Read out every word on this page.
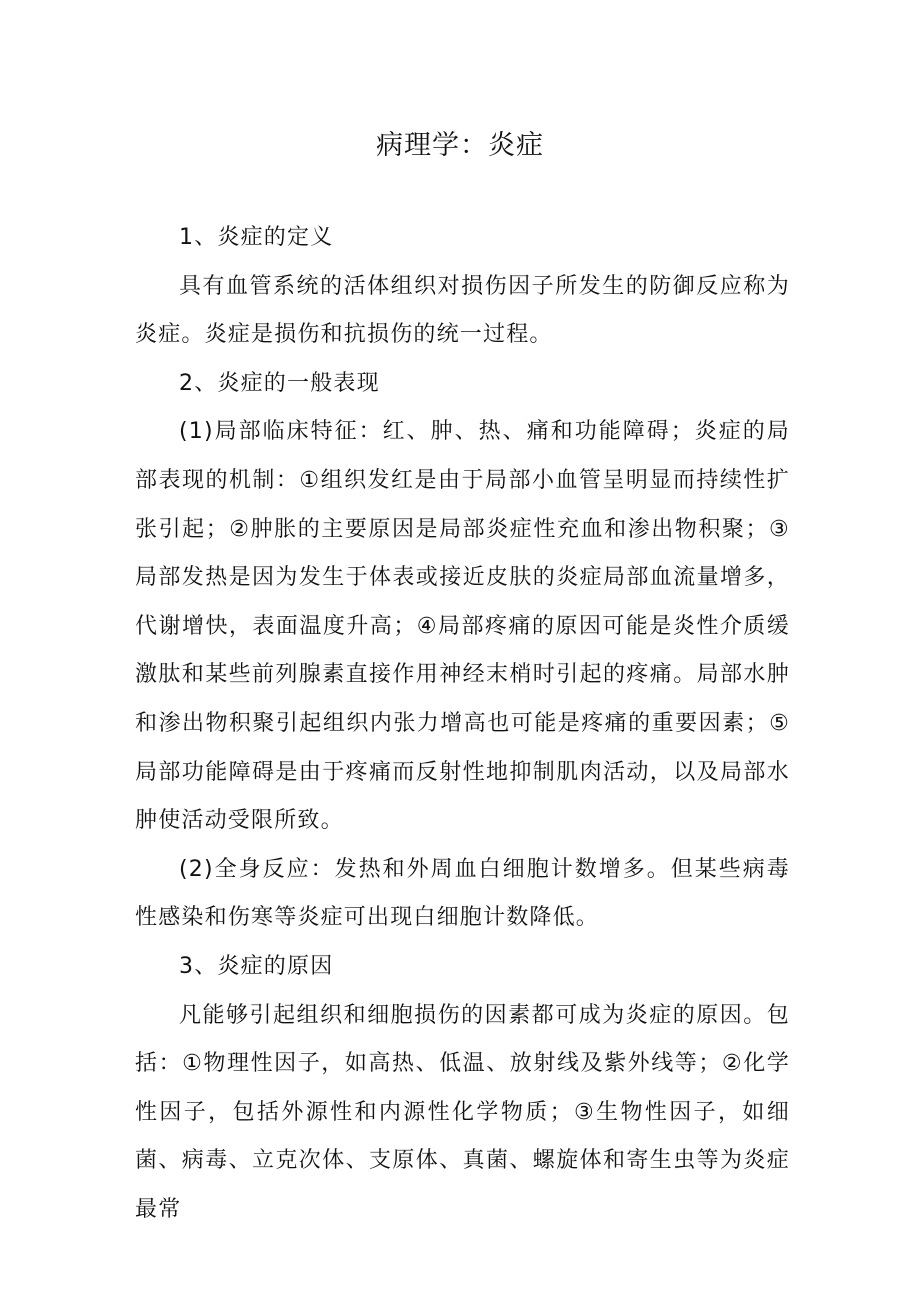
病理学：炎症

1、炎症的定义

具有血管系统的活体组织对损伤因子所发生的防御反应称为炎症。炎症是损伤和抗损伤的统一过程。

2、炎症的一般表现

(1)局部临床特征：红、肿、热、痛和功能障碍；炎症的局部表现的机制：①组织发红是由于局部小血管呈明显而持续性扩张引起；②肿胀的主要原因是局部炎症性充血和渗出物积聚；③局部发热是因为发生于体表或接近皮肤的炎症局部血流量增多，代谢增快，表面温度升高；④局部疼痛的原因可能是炎性介质缓激肽和某些前列腺素直接作用神经末梢时引起的疼痛。局部水肿和渗出物积聚引起组织内张力增高也可能是疼痛的重要因素；⑤局部功能障碍是由于疼痛而反射性地抑制肌肉活动，以及局部水肿使活动受限所致。

(2)全身反应：发热和外周血白细胞计数增多。但某些病毒性感染和伤寒等炎症可出现白细胞计数降低。

3、炎症的原因

凡能够引起组织和细胞损伤的因素都可成为炎症的原因。包括：①物理性因子，如高热、低温、放射线及紫外线等；②化学性因子，包括外源性和内源性化学物质；③生物性因子，如细菌、病毒、立克次体、支原体、真菌、螺旋体和寄生虫等为炎症最常
